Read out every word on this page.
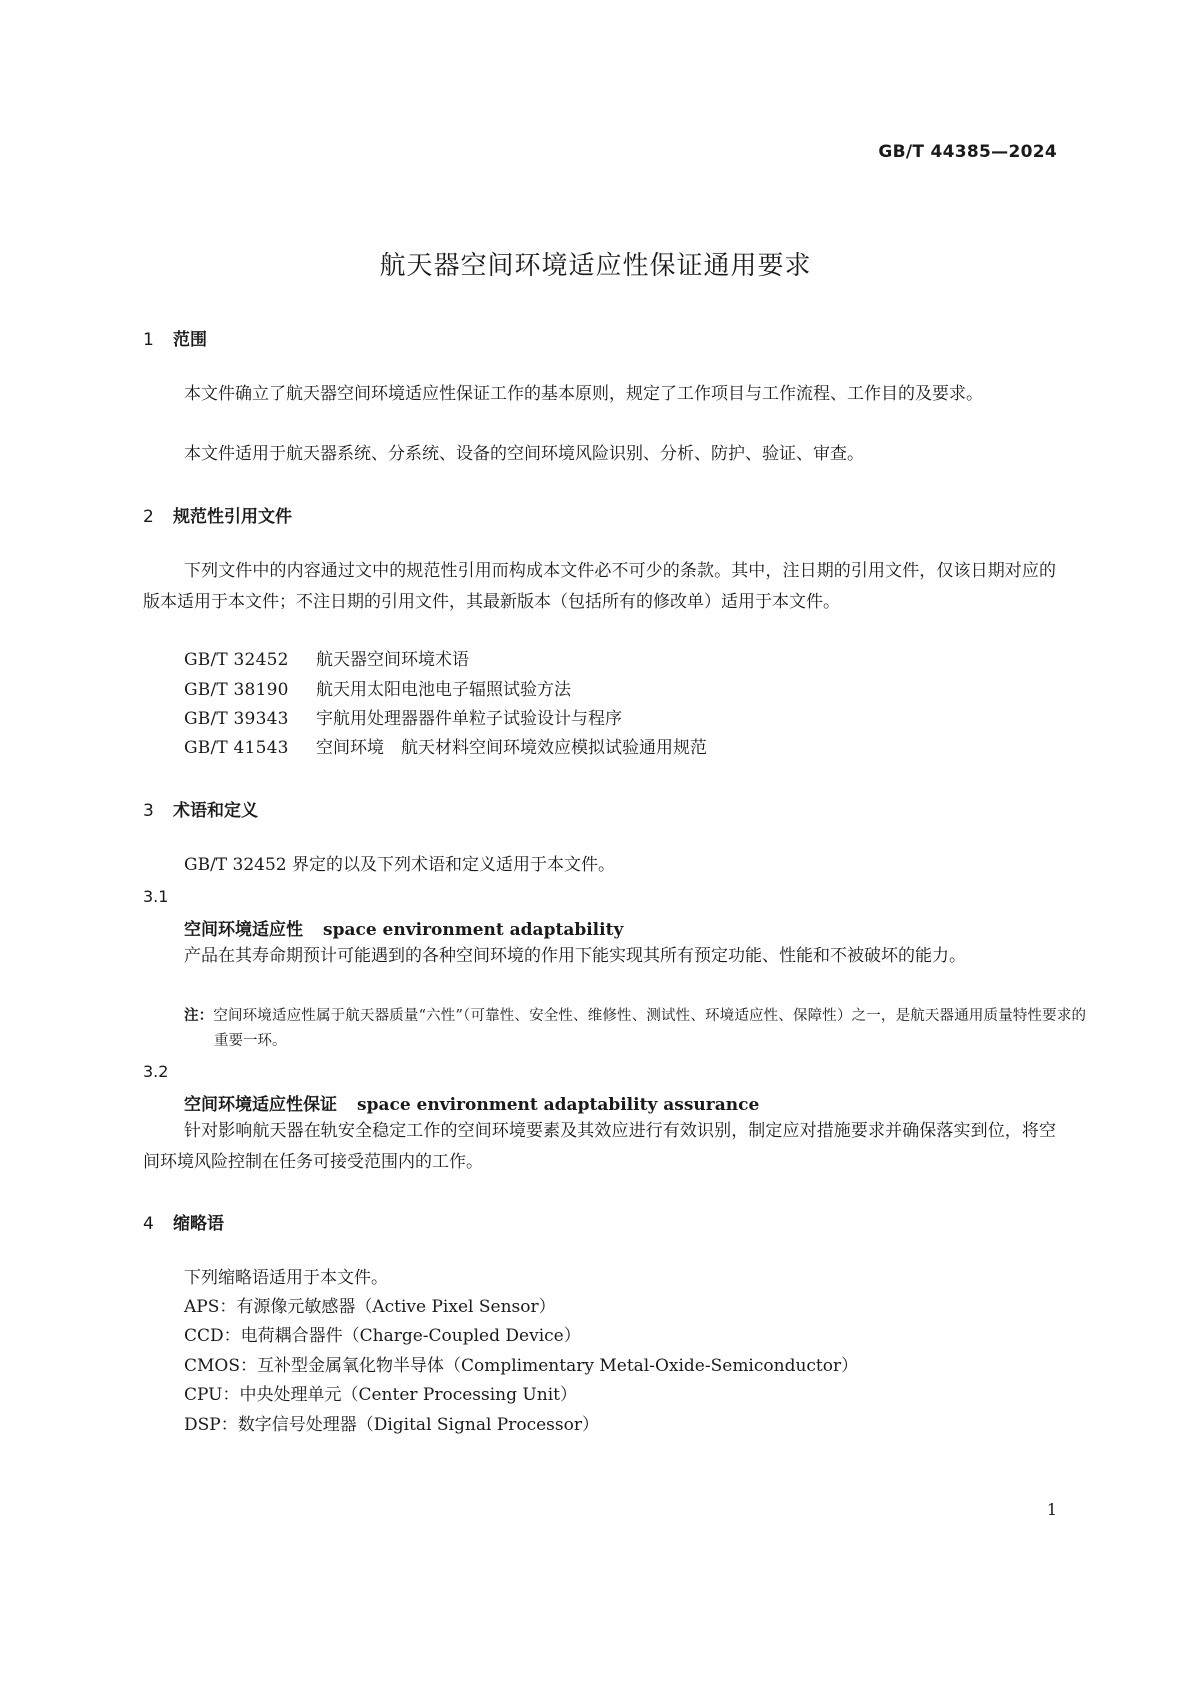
GB/T 44385—2024
航天器空间环境适应性保证通用要求
1 范围
本文件确立了航天器空间环境适应性保证工作的基本原则，规定了工作项目与工作流程、工作目的及要求。
本文件适用于航天器系统、分系统、设备的空间环境风险识别、分析、防护、验证、审查。
2 规范性引用文件
下列文件中的内容通过文中的规范性引用而构成本文件必不可少的条款。其中，注日期的引用文件，仅该日期对应的版本适用于本文件；不注日期的引用文件，其最新版本（包括所有的修改单）适用于本文件。
GB/T 32452 航天器空间环境术语
GB/T 38190 航天用太阳电池电子辐照试验方法
GB/T 39343 宇航用处理器器件单粒子试验设计与程序
GB/T 41543 空间环境　航天材料空间环境效应模拟试验通用规范
3 术语和定义
GB/T 32452 界定的以及下列术语和定义适用于本文件。
3.1
空间环境适应性 space environment adaptability
产品在其寿命期预计可能遇到的各种空间环境的作用下能实现其所有预定功能、性能和不被破坏的能力。
注：空间环境适应性属于航天器质量“六性”（可靠性、安全性、维修性、测试性、环境适应性、保障性）之一，是航天器通用质量特性要求的重要一环。
3.2
空间环境适应性保证 space environment adaptability assurance
针对影响航天器在轨安全稳定工作的空间环境要素及其效应进行有效识别，制定应对措施要求并确保落实到位，将空间环境风险控制在任务可接受范围内的工作。
4 缩略语
下列缩略语适用于本文件。
APS：有源像元敏感器（Active Pixel Sensor）
CCD：电荷耦合器件（Charge-Coupled Device）
CMOS：互补型金属氧化物半导体（Complimentary Metal-Oxide-Semiconductor）
CPU：中央处理单元（Center Processing Unit）
DSP：数字信号处理器（Digital Signal Processor）
1
